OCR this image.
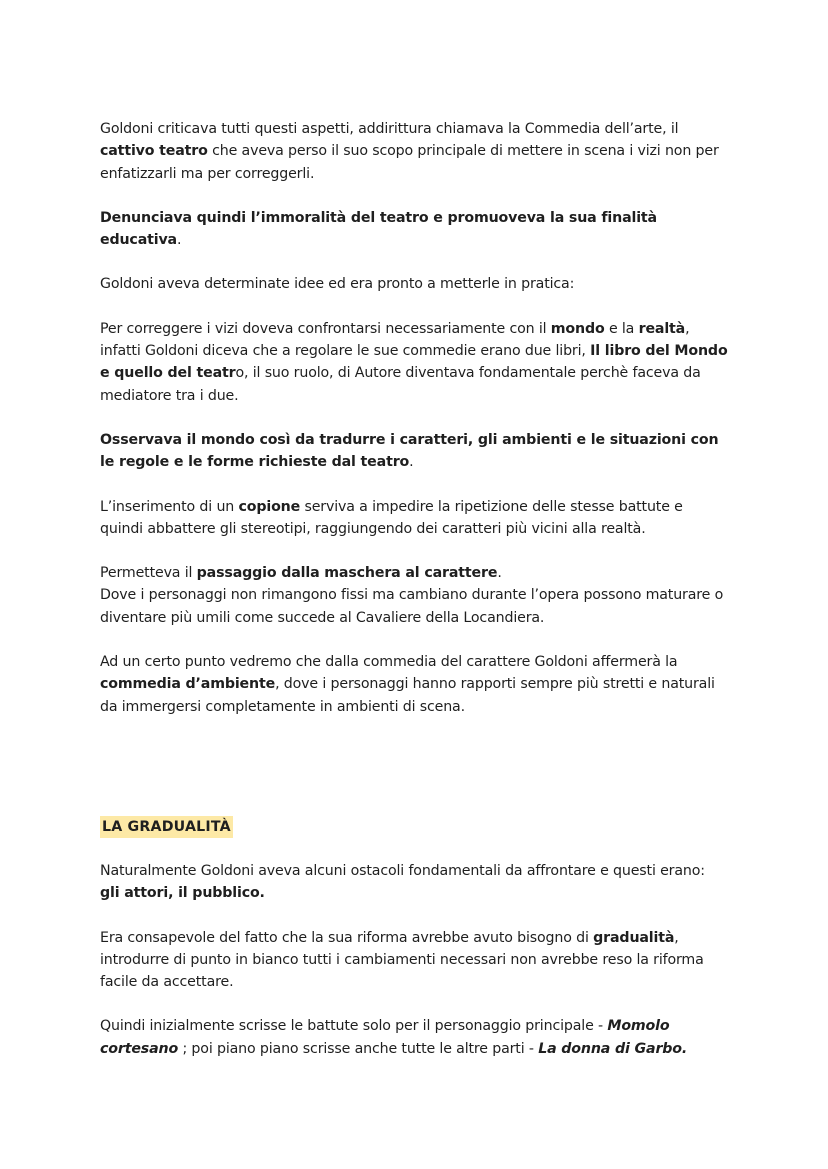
Goldoni criticava tutti questi aspetti, addirittura chiamava la Commedia dell’arte, il cattivo teatro che aveva perso il suo scopo principale di mettere in scena i vizi non per enfatizzarli ma per correggerli.

Denunciava quindi l’immoralità del teatro e promuoveva la sua finalità educativa.

Goldoni aveva determinate idee ed era pronto a metterle in pratica:

Per correggere i vizi doveva confrontarsi necessariamente con il mondo e la realtà, infatti Goldoni diceva che a regolare le sue commedie erano due libri, Il libro del Mondo e quello del teatro, il suo ruolo, di Autore diventava fondamentale perchè faceva da mediatore tra i due.

Osservava il mondo così da tradurre i caratteri, gli ambienti e le situazioni con le regole e le forme richieste dal teatro.

L’inserimento di un copione serviva a impedire la ripetizione delle stesse battute e quindi abbattere gli stereotipi, raggiungendo dei caratteri più vicini alla realtà.

Permetteva il passaggio dalla maschera al carattere.
Dove i personaggi non rimangono fissi ma cambiano durante l’opera possono maturare o diventare più umili come succede al Cavaliere della Locandiera.

Ad un certo punto vedremo che dalla commedia del carattere Goldoni affermerà la commedia d’ambiente, dove i personaggi hanno rapporti sempre più stretti e naturali da immergersi completamente in ambienti di scena.

LA GRADUALITÀ

Naturalmente Goldoni aveva alcuni ostacoli fondamentali da affrontare e questi erano: gli attori, il pubblico.

Era consapevole del fatto che la sua riforma avrebbe avuto bisogno di gradualità, introdurre di punto in bianco tutti i cambiamenti necessari non avrebbe reso la riforma facile da accettare.

Quindi inizialmente scrisse le battute solo per il personaggio principale - Momolo cortesano ; poi piano piano scrisse anche tutte le altre parti - La donna di Garbo.
